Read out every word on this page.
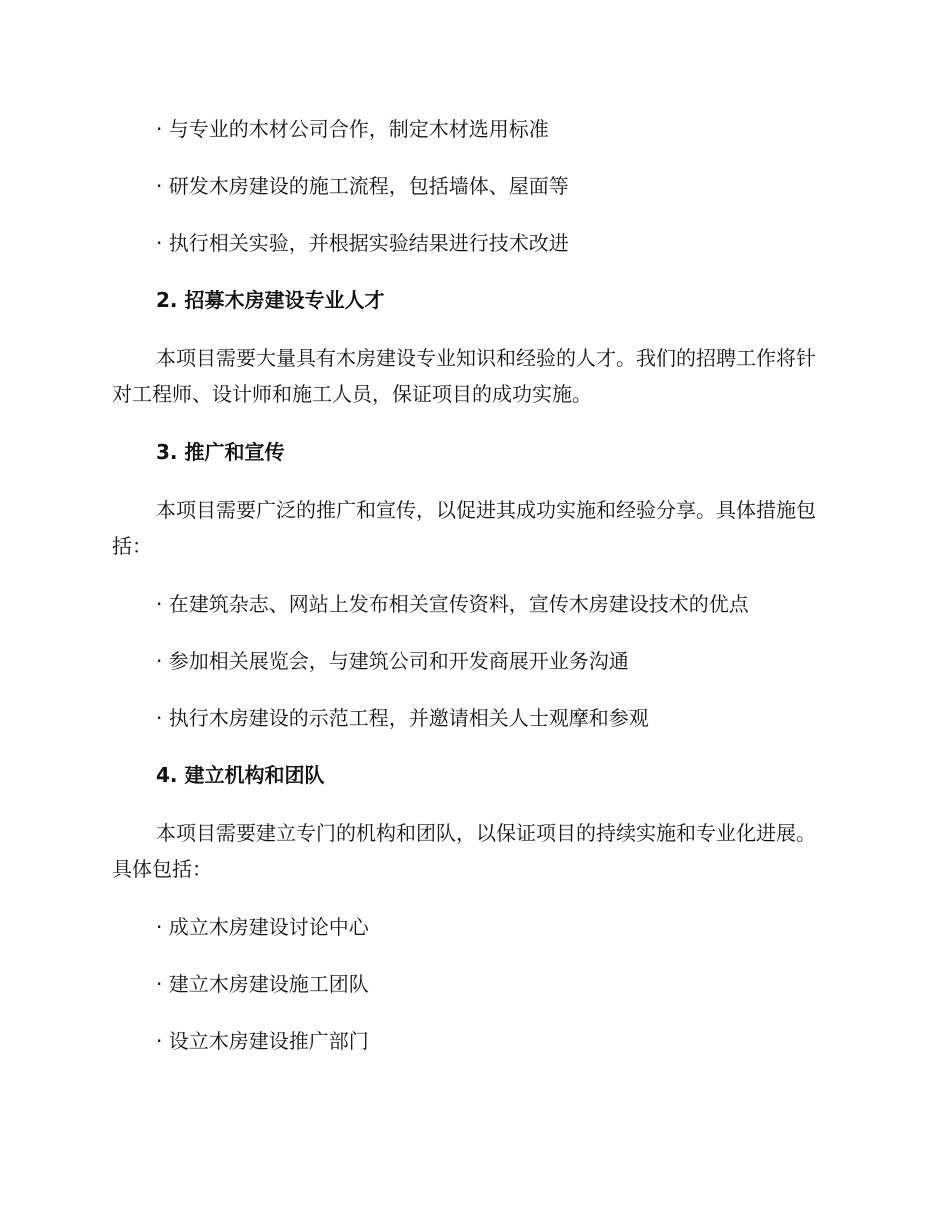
· 与专业的木材公司合作，制定木材选用标准
· 研发木房建设的施工流程，包括墙体、屋面等
· 执行相关实验，并根据实验结果进行技术改进
2. 招募木房建设专业人才
本项目需要大量具有木房建设专业知识和经验的人才。我们的招聘工作将针对工程师、设计师和施工人员，保证项目的成功实施。
3. 推广和宣传
本项目需要广泛的推广和宣传，以促进其成功实施和经验分享。具体措施包括：
· 在建筑杂志、网站上发布相关宣传资料，宣传木房建设技术的优点
· 参加相关展览会，与建筑公司和开发商展开业务沟通
· 执行木房建设的示范工程，并邀请相关人士观摩和参观
4. 建立机构和团队
本项目需要建立专门的机构和团队，以保证项目的持续实施和专业化进展。具体包括：
· 成立木房建设讨论中心
· 建立木房建设施工团队
· 设立木房建设推广部门
